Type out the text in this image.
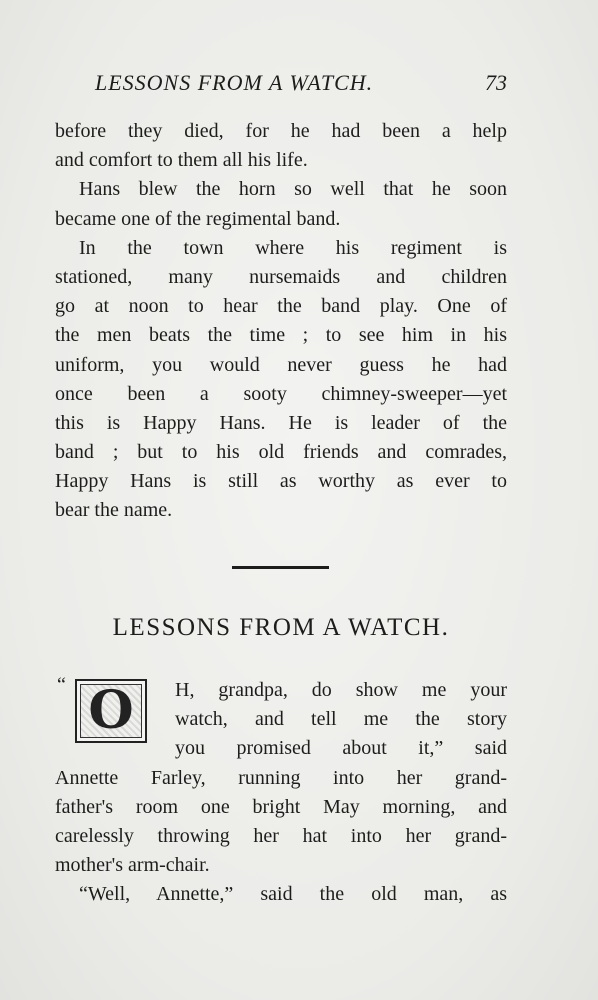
LESSONS FROM A WATCH.	73
before they died, for he had been a help
and comfort to them all his life.
Hans blew the horn so well that he soon
became one of the regimental band.
In the town where his regiment is
stationed, many nursemaids and children
go at noon to hear the band play. One of
the men beats the time ; to see him in his
uniform, you would never guess he had
once been a sooty chimney-sweeper—yet
this is Happy Hans. He is leader of the
band ; but to his old friends and comrades,
Happy Hans is still as worthy as ever to
bear the name.
LESSONS FROM A WATCH.
“ O	H, grandpa, do show me your
watch, and tell me the story
you promised about it,” said
Annette Farley, running into her grand-
father's room one bright May morning, and
carelessly throwing her hat into her grand-
mother's arm-chair.
“Well, Annette,” said the old man, as
